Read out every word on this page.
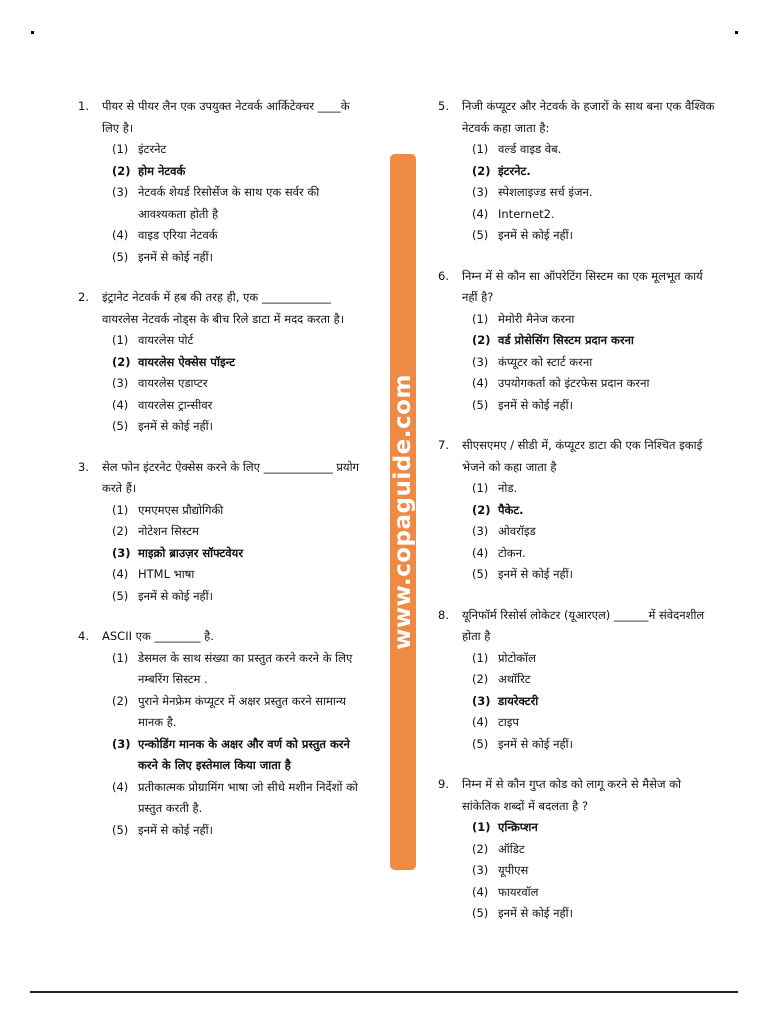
1.	पीयर से पीयर लैन एक उपयुक्त नेटवर्क आर्किटेक्चर ____के लिए है।
(1) इंटरनेट
(2) होम नेटवर्क
(3) नेटवर्क शेयर्ड रिसोर्सेज के साथ एक सर्वर की आवश्यकता होती है
(4) वाइड एरिया नेटवर्क
(5) इनमें से कोई नहीं।
2.	इंट्रानेट नेटवर्क में हब की तरह ही, एक ____________ वायरलेस नेटवर्क नोड्स के बीच रिले डाटा में मदद करता है।
(1) वायरलेस पोर्ट
(2) वायरलेस ऐक्सेस पॉइन्ट
(3) वायरलेस एडाप्टर
(4) वायरलेस ट्रान्सीवर
(5) इनमें से कोई नहीं।
3.	सेल फोन इंटरनेट ऐक्सेस करने के लिए ____________ प्रयोग करते हैं।
(1) एमएमएस प्रौद्योगिकी
(2) नोटेशन सिस्टम
(3) माइक्रो ब्राउज़र सॉफ्टवेयर
(4) HTML भाषा
(5) इनमें से कोई नहीं।
4.	ASCII एक ________ है.
(1) डेसमल के साथ संख्या का प्रस्तुत करने करने के लिए नम्बरिंग सिस्टम .
(2) पुराने मेनफ्रेम कंप्यूटर में अक्षर प्रस्तुत करने सामान्य मानक है.
(3) एन्कोडिंग मानक के अक्षर और वर्ण को प्रस्तुत करने करने के लिए इस्तेमाल किया जाता है
(4) प्रतीकात्मक प्रोग्रामिंग भाषा जो सीधे मशीन निर्देशों को प्रस्तुत करती है.
(5) इनमें से कोई नहीं।
www.copaguide.com
5.	निजी कंप्यूटर और नेटवर्क के हजारों के साथ बना एक वैश्विक नेटवर्क कहा जाता है:
(1) वर्ल्ड वाइड वेब.
(2) इंटरनेट.
(3) स्पेशलाइज्ड सर्च इंजन.
(4) Internet2.
(5) इनमें से कोई नहीं।
6.	निम्न में से कौन सा ऑपरेटिंग सिस्टम का एक मूलभूत कार्य नहीं है?
(1) मेमोरी मैनेज करना
(2) वर्ड प्रोसेसिंग सिस्टम प्रदान करना
(3) कंप्यूटर को स्टार्ट करना
(4) उपयोगकर्ता को इंटरफेस प्रदान करना
(5) इनमें से कोई नहीं।
7.	सीएसएमए / सीडी में, कंप्यूटर डाटा की एक निश्चित इकाई भेजने को कहा जाता है
(1) नोड.
(2) पैकेट.
(3) ओवरॉइड
(4) टोकन.
(5) इनमें से कोई नहीं।
8.	यूनिफॉर्म रिसोर्स लोकेटर (यूआरएल) ______में संवेदनशील होता है
(1) प्रोटोकॉल
(2) अथॉरिट
(3) डायरेक्टरी
(4) टाइप
(5) इनमें से कोई नहीं।
9.	निम्न में से कौन गुप्त कोड को लागू करने से मैसेज को सांकेतिक शब्दों में बदलता है ?
(1) एन्क्रिप्शन
(2) ऑडिट
(3) यूपीएस
(4) फायरवॉल
(5) इनमें से कोई नहीं।
